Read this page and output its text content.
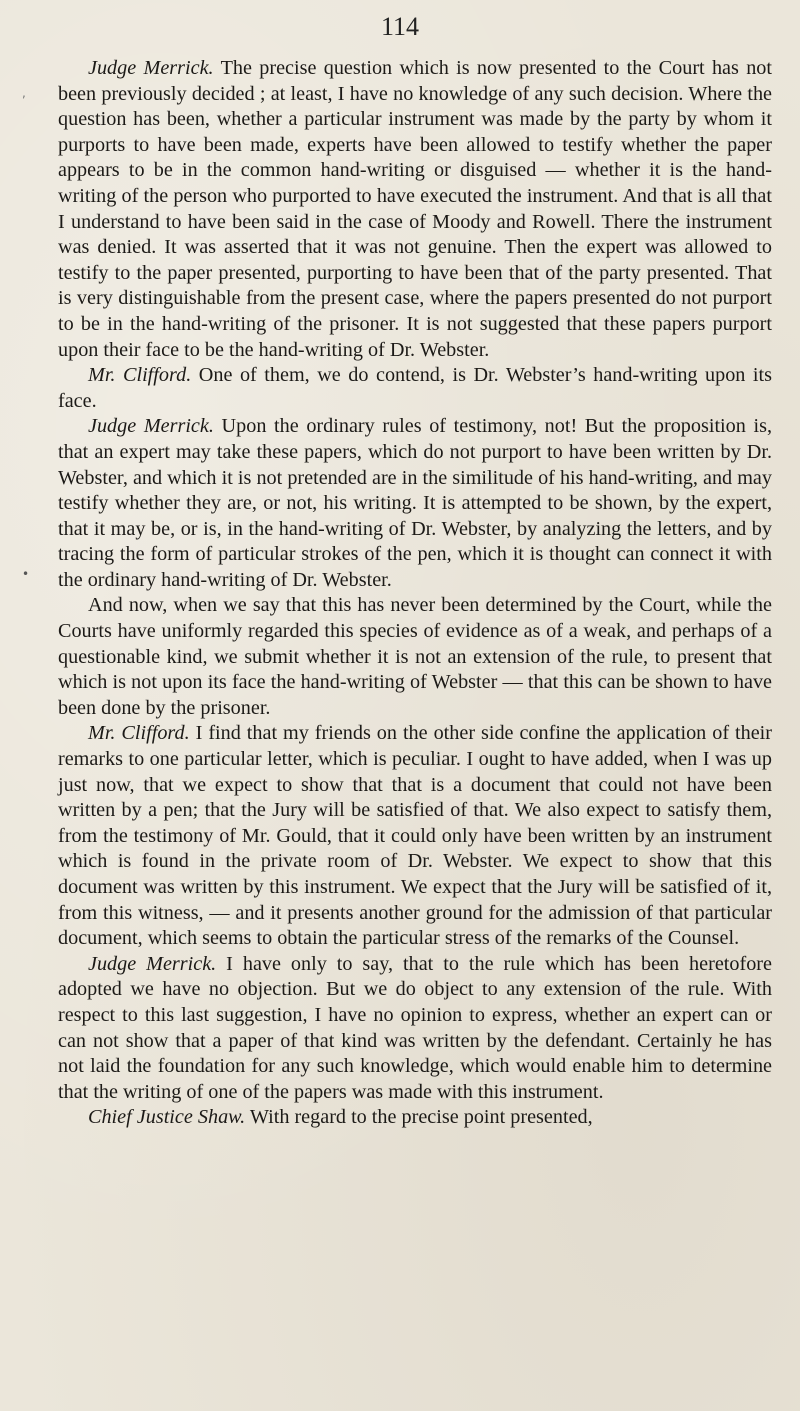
114
,
•

Judge Merrick. The precise question which is now presented to the Court has not been previously decided ; at least, I have no knowledge of any such decision. Where the question has been, whether a particular instrument was made by the party by whom it purports to have been made, experts have been allowed to testify whether the paper appears to be in the common hand-writing or disguised — whether it is the hand-writing of the person who purported to have executed the instrument. And that is all that I understand to have been said in the case of Moody and Rowell. There the instrument was denied. It was asserted that it was not genuine. Then the expert was allowed to testify to the paper presented, purporting to have been that of the party presented. That is very distinguishable from the present case, where the papers presented do not purport to be in the hand-writing of the prisoner. It is not suggested that these papers purport upon their face to be the hand-writing of Dr. Webster.

Mr. Clifford. One of them, we do contend, is Dr. Webster’s hand-writing upon its face.

Judge Merrick. Upon the ordinary rules of testimony, not! But the proposition is, that an expert may take these papers, which do not purport to have been written by Dr. Webster, and which it is not pretended are in the similitude of his hand-writing, and may testify whether they are, or not, his writing. It is attempted to be shown, by the expert, that it may be, or is, in the hand-writing of Dr. Webster, by analyzing the letters, and by tracing the form of particular strokes of the pen, which it is thought can connect it with the ordinary hand-writing of Dr. Webster.

And now, when we say that this has never been determined by the Court, while the Courts have uniformly regarded this species of evidence as of a weak, and perhaps of a questionable kind, we submit whether it is not an extension of the rule, to present that which is not upon its face the hand-writing of Webster — that this can be shown to have been done by the prisoner.

Mr. Clifford. I find that my friends on the other side confine the application of their remarks to one particular letter, which is peculiar. I ought to have added, when I was up just now, that we expect to show that that is a document that could not have been written by a pen; that the Jury will be satisfied of that. We also expect to satisfy them, from the testimony of Mr. Gould, that it could only have been written by an instrument which is found in the private room of Dr. Webster. We expect to show that this document was written by this instrument. We expect that the Jury will be satisfied of it, from this witness, — and it presents another ground for the admission of that particular document, which seems to obtain the particular stress of the remarks of the Counsel.

Judge Merrick. I have only to say, that to the rule which has been heretofore adopted we have no objection. But we do object to any extension of the rule. With respect to this last suggestion, I have no opinion to express, whether an expert can or can not show that a paper of that kind was written by the defendant. Certainly he has not laid the foundation for any such knowledge, which would enable him to determine that the writing of one of the papers was made with this instrument.

Chief Justice Shaw. With regard to the precise point presented,
